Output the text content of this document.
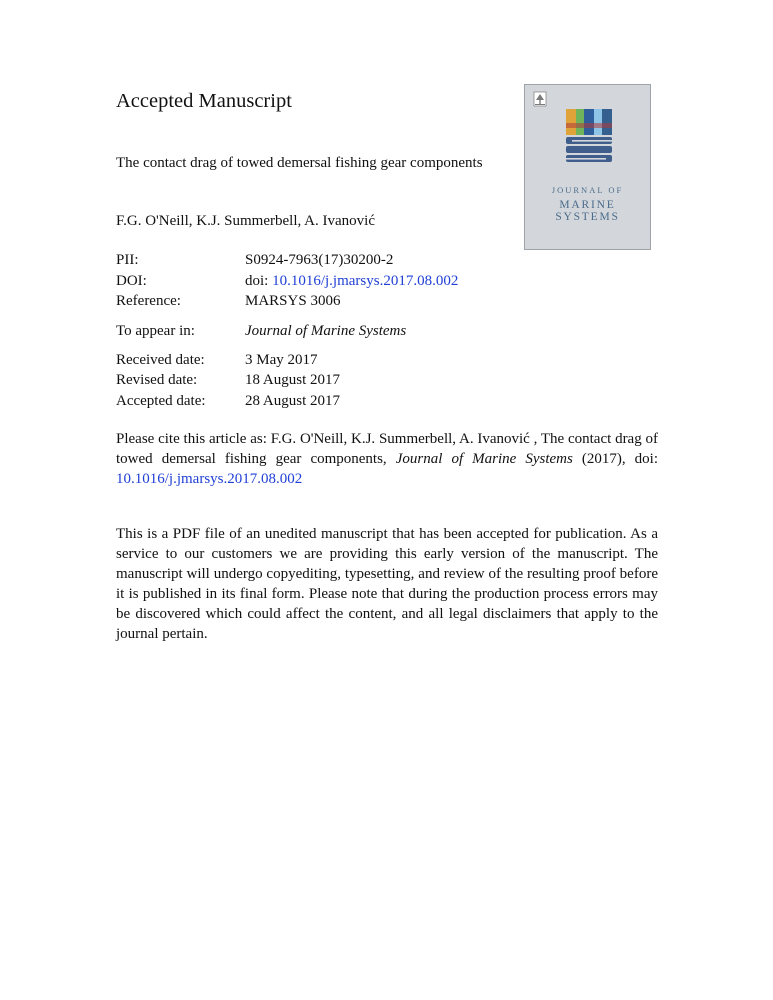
Accepted Manuscript
The contact drag of towed demersal fishing gear components
F.G. O'Neill, K.J. Summerbell, A. Ivanović
PII:	S0924-7963(17)30200-2
DOI:	doi: 10.1016/j.jmarsys.2017.08.002
Reference:	MARSYS 3006
To appear in:	Journal of Marine Systems
Received date:	3 May 2017
Revised date:	18 August 2017
Accepted date:	28 August 2017
Please cite this article as: F.G. O'Neill, K.J. Summerbell, A. Ivanović , The contact drag of towed demersal fishing gear components, Journal of Marine Systems (2017), doi: 10.1016/j.jmarsys.2017.08.002
This is a PDF file of an unedited manuscript that has been accepted for publication. As a service to our customers we are providing this early version of the manuscript. The manuscript will undergo copyediting, typesetting, and review of the resulting proof before it is published in its final form. Please note that during the production process errors may be discovered which could affect the content, and all legal disclaimers that apply to the journal pertain.
JOURNAL OF
MARINE
SYSTEMS
